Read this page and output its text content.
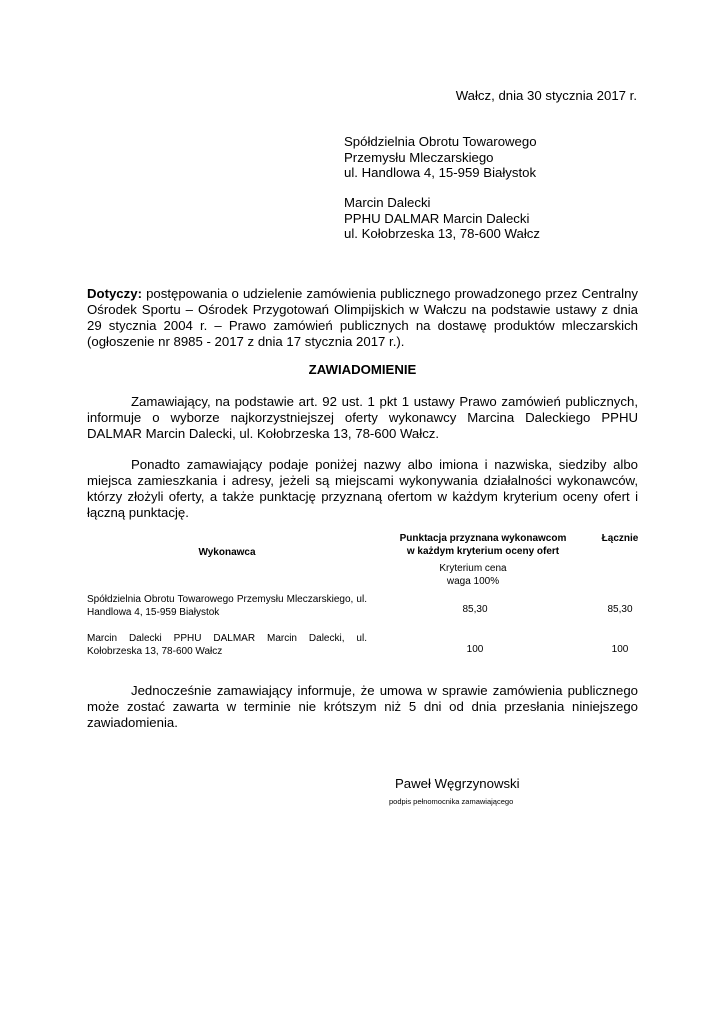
Wałcz, dnia 30 stycznia 2017 r.
Spółdzielnia Obrotu Towarowego
Przemysłu Mleczarskiego
ul. Handlowa 4, 15-959 Białystok
Marcin Dalecki
PPHU DALMAR Marcin Dalecki
ul. Kołobrzeska 13, 78-600 Wałcz
Dotyczy: postępowania o udzielenie zamówienia publicznego prowadzonego przez Centralny Ośrodek Sportu – Ośrodek Przygotowań Olimpijskich w Wałczu na podstawie ustawy z dnia 29 stycznia 2004 r. – Prawo zamówień publicznych na dostawę produktów mleczarskich (ogłoszenie nr 8985 - 2017 z dnia 17 stycznia 2017 r.).
ZAWIADOMIENIE
Zamawiający, na podstawie art. 92 ust. 1 pkt 1 ustawy Prawo zamówień publicznych, informuje o wyborze najkorzystniejszej oferty wykonawcy Marcina Daleckiego PPHU DALMAR Marcin Dalecki, ul. Kołobrzeska 13, 78-600 Wałcz.
Ponadto zamawiający podaje poniżej nazwy albo imiona i nazwiska, siedziby albo miejsca zamieszkania i adresy, jeżeli są miejscami wykonywania działalności wykonawców, którzy złożyli oferty, a także punktację przyznaną ofertom w każdym kryterium oceny ofert i łączną punktację.
Wykonawca
Punktacja przyznana wykonawcom
w każdym kryterium oceny ofert
Łącznie
Kryterium cena
waga 100%
Spółdzielnia Obrotu Towarowego Przemysłu Mleczarskiego, ul. Handlowa 4, 15-959 Białystok	85,30	85,30
Marcin Dalecki PPHU DALMAR Marcin Dalecki, ul. Kołobrzeska 13, 78-600 Wałcz	100	100
Jednocześnie zamawiający informuje, że umowa w sprawie zamówienia publicznego może zostać zawarta w terminie nie krótszym niż 5 dni od dnia przesłania niniejszego zawiadomienia.
Paweł Węgrzynowski
podpis pełnomocnika zamawiającego
